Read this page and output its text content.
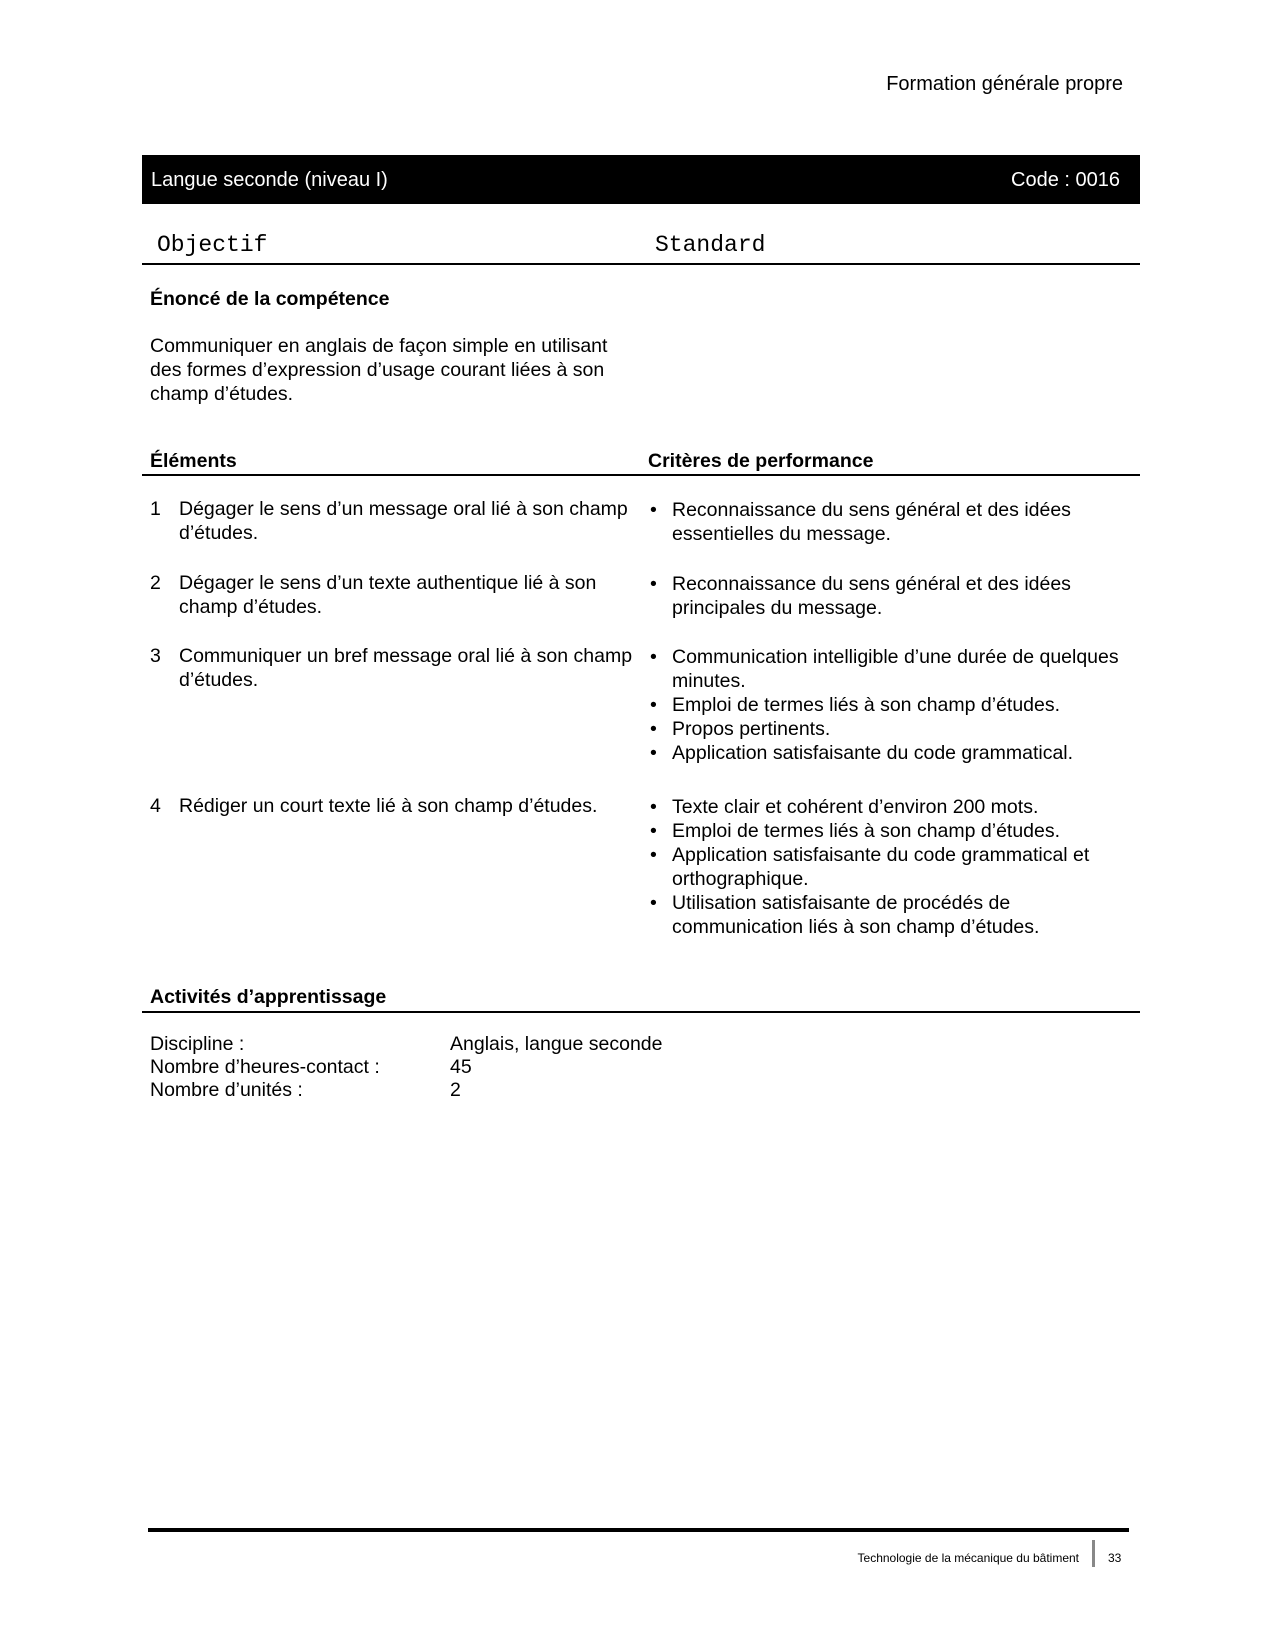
Formation générale propre
Langue seconde (niveau I)	Code : 0016
Objectif	Standard
Énoncé de la compétence
Communiquer en anglais de façon simple en utilisant des formes d’expression d’usage courant liées à son champ d’études.
Éléments	Critères de performance
1 Dégager le sens d’un message oral lié à son champ d’études.
• Reconnaissance du sens général et des idées essentielles du message.
2 Dégager le sens d’un texte authentique lié à son champ d’études.
• Reconnaissance du sens général et des idées principales du message.
3 Communiquer un bref message oral lié à son champ d’études.
• Communication intelligible d’une durée de quelques minutes.
• Emploi de termes liés à son champ d’études.
• Propos pertinents.
• Application satisfaisante du code grammatical.
4 Rédiger un court texte lié à son champ d’études.
•	Texte clair et cohérent d’environ 200 mots.
• Emploi de termes liés à son champ d’études.
• Application satisfaisante du code grammatical et orthographique.
• Utilisation satisfaisante de procédés de communication liés à son champ d’études.
Activités d’apprentissage
Discipline :	Anglais, langue seconde
Nombre d’heures-contact :	45
Nombre d’unités :	2
Technologie de la mécanique du bâtiment 33
